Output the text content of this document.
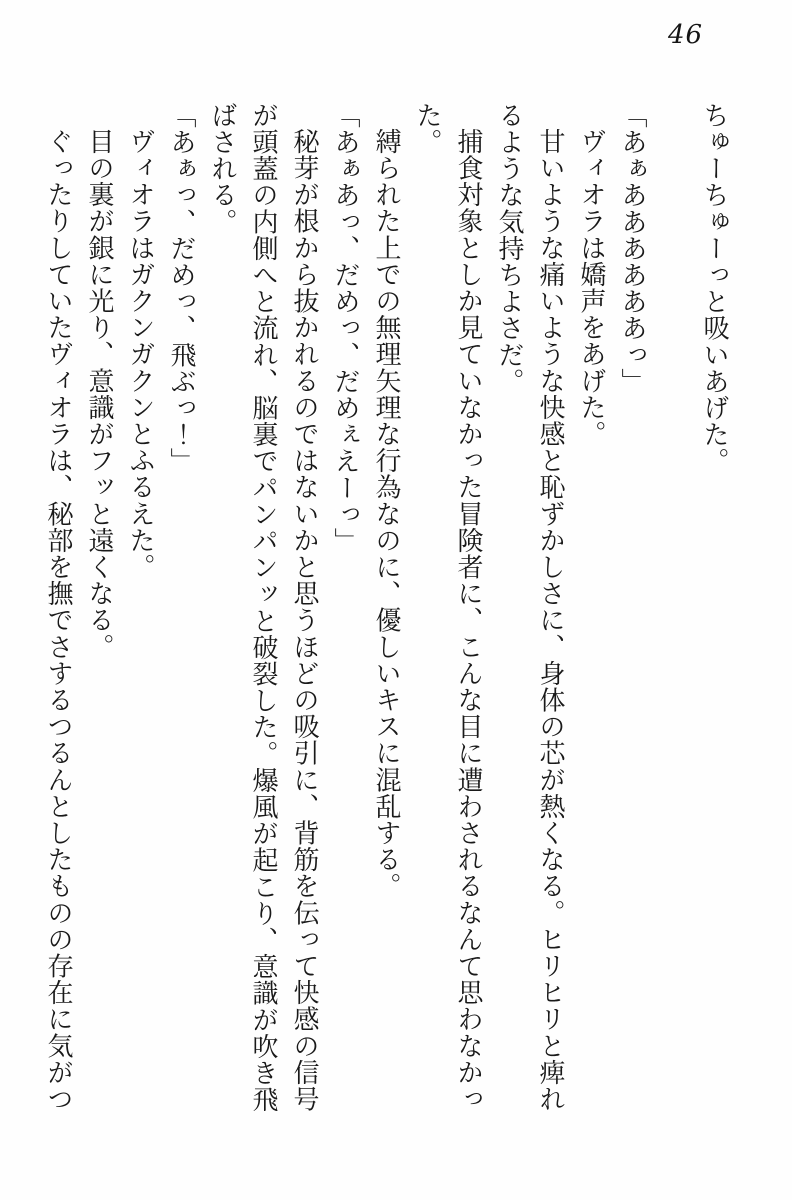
46

ちゅーちゅーっと吸いあげた。

「あぁああああああっ」

ヴィオラは嬌声をあげた。

甘いような痛いような快感と恥ずかしさに、身体の芯が熱くなる。ヒリヒリと痺れ

るような気持ちよさだ。

捕食対象としか見ていなかった冒険者に、こんな目に遭わされるなんて思わなかっ

た。

縛られた上での無理矢理な行為なのに、優しいキスに混乱する。

「あぁあっ、だめっ、だめぇえーっ」

秘芽が根から抜かれるのではないかと思うほどの吸引に、背筋を伝って快感の信号

が頭蓋の内側へと流れ、脳裏でパンパンッと破裂した。爆風が起こり、意識が吹き飛

ばされる。

「あぁっ、だめっ、飛ぶっ！」

ヴィオラはガクンガクンとふるえた。

目の裏が銀に光り、意識がフッと遠くなる。

ぐったりしていたヴィオラは、秘部を撫でさするつるんとしたものの存在に気がつ
